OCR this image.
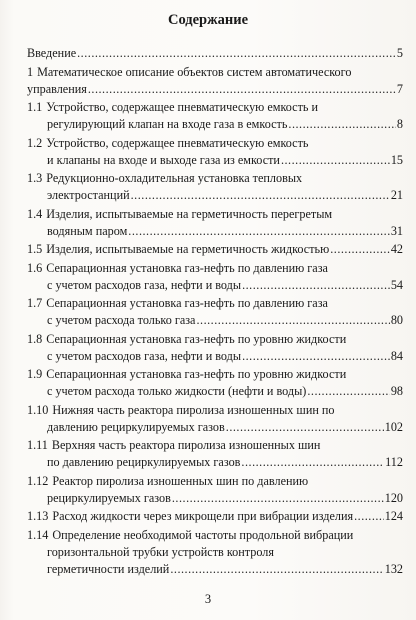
Содержание
Введение .....	5
1 Математическое описание объектов систем автоматического
управления .....	7
1.1 Устройство, содержащее пневматическую емкость и
регулирующий клапан на входе газа в емкость .....	8
1.2 Устройство, содержащее пневматическую емкость
и клапаны на входе и выходе газа из емкости .....	15
1.3 Редукционно-охладительная установка тепловых
электростанций .....	21
1.4 Изделия, испытываемые на герметичность перегретым
водяным паром .....	31
1.5 Изделия, испытываемые на герметичность жидкостью .....	42
1.6 Сепарационная установка газ-нефть по давлению газа
с учетом расходов газа, нефти и воды .....	54
1.7 Сепарационная установка газ-нефть по давлению газа
с учетом расхода только газа .....	80
1.8 Сепарационная установка газ-нефть по уровню жидкости
с учетом расходов газа, нефти и воды .....	84
1.9 Сепарационная установка газ-нефть по уровню жидкости
с учетом расхода только жидкости (нефти и воды) .....	98
1.10 Нижняя часть реактора пиролиза изношенных шин по
давлению рециркулируемых газов .....	102
1.11 Верхняя часть реактора пиролиза изношенных шин
по давлению рециркулируемых газов .....	112
1.12 Реактор пиролиза изношенных шин по давлению
рециркулируемых газов .....	120
1.13 Расход жидкости через микрощели при вибрации изделия .....	124
1.14 Определение необходимой частоты продольной вибрации
горизонтальной трубки устройств контроля
герметичности изделий .....	132
3
